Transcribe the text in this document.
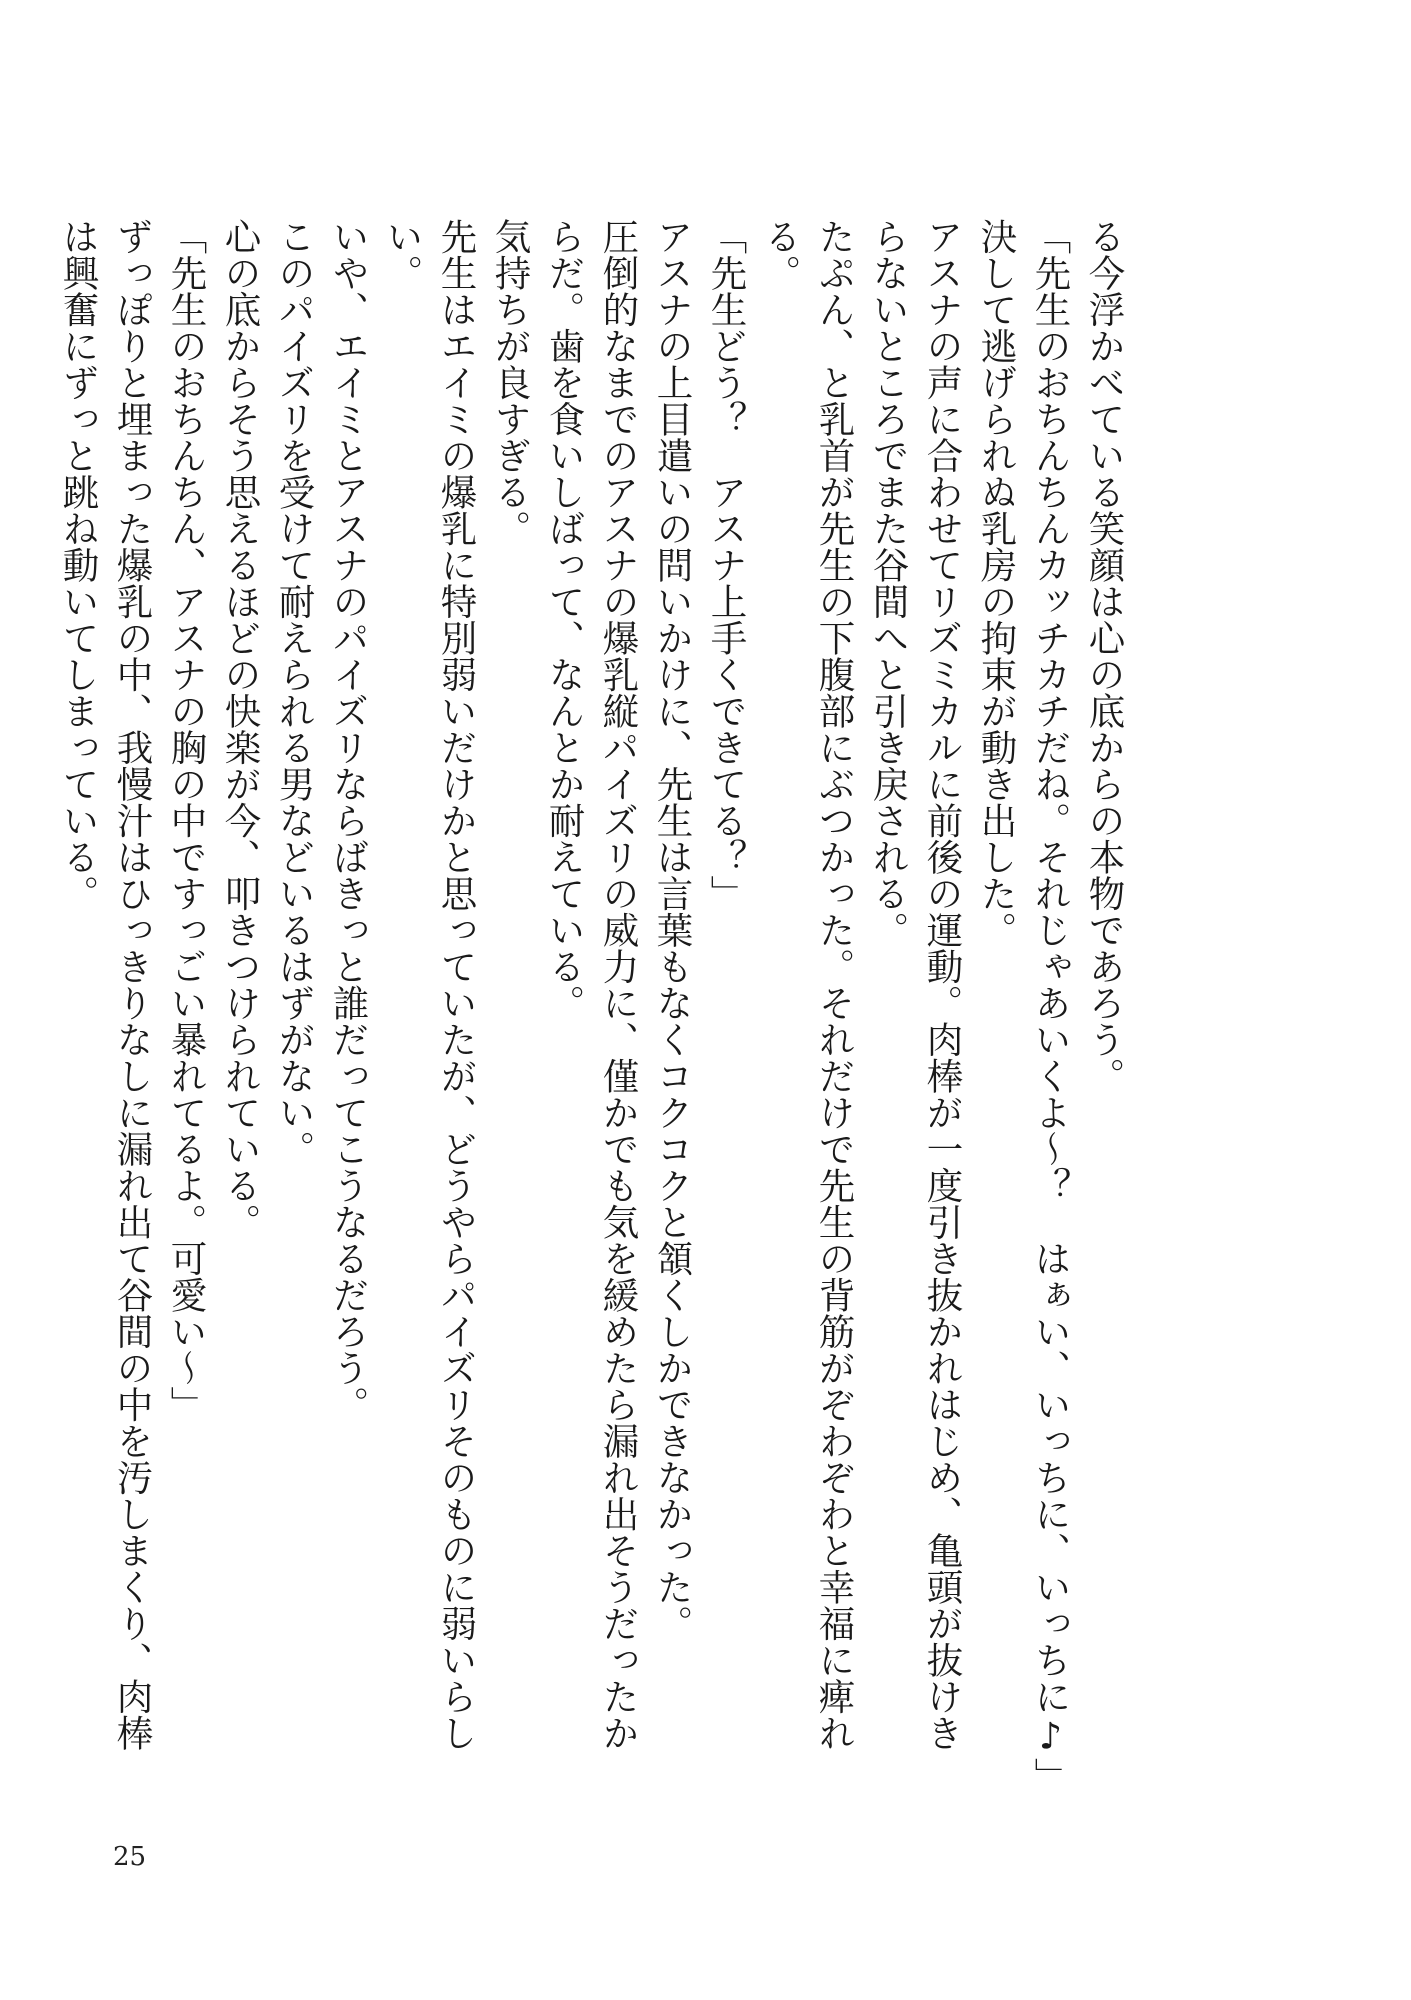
る今浮かべている笑顔は心の底からの本物であろう。
「先生のおちんちんカッチカチだね。それじゃあいくよ～？　はぁい、いっちに、いっちに♪」
決して逃げられぬ乳房の拘束が動き出した。
アスナの声に合わせてリズミカルに前後の運動。肉棒が一度引き抜かれはじめ、亀頭が抜けき
らないところでまた谷間へと引き戻される。
たぷん、と乳首が先生の下腹部にぶつかった。それだけで先生の背筋がぞわぞわと幸福に痺れ
る。
「先生どう？　アスナ上手くできてる？」
アスナの上目遣いの問いかけに、先生は言葉もなくコクコクと頷くしかできなかった。
圧倒的なまでのアスナの爆乳縦パイズリの威力に、僅かでも気を緩めたら漏れ出そうだったか
らだ。歯を食いしばって、なんとか耐えている。
気持ちが良すぎる。
先生はエイミの爆乳に特別弱いだけかと思っていたが、どうやらパイズリそのものに弱いらし
い。
いや、エイミとアスナのパイズリならばきっと誰だってこうなるだろう。
このパイズリを受けて耐えられる男などいるはずがない。
心の底からそう思えるほどの快楽が今、叩きつけられている。
「先生のおちんちん、アスナの胸の中ですっごい暴れてるよ。可愛い～」
ずっぽりと埋まった爆乳の中、我慢汁はひっきりなしに漏れ出て谷間の中を汚しまくり、肉棒
は興奮にずっと跳ね動いてしまっている。
25
